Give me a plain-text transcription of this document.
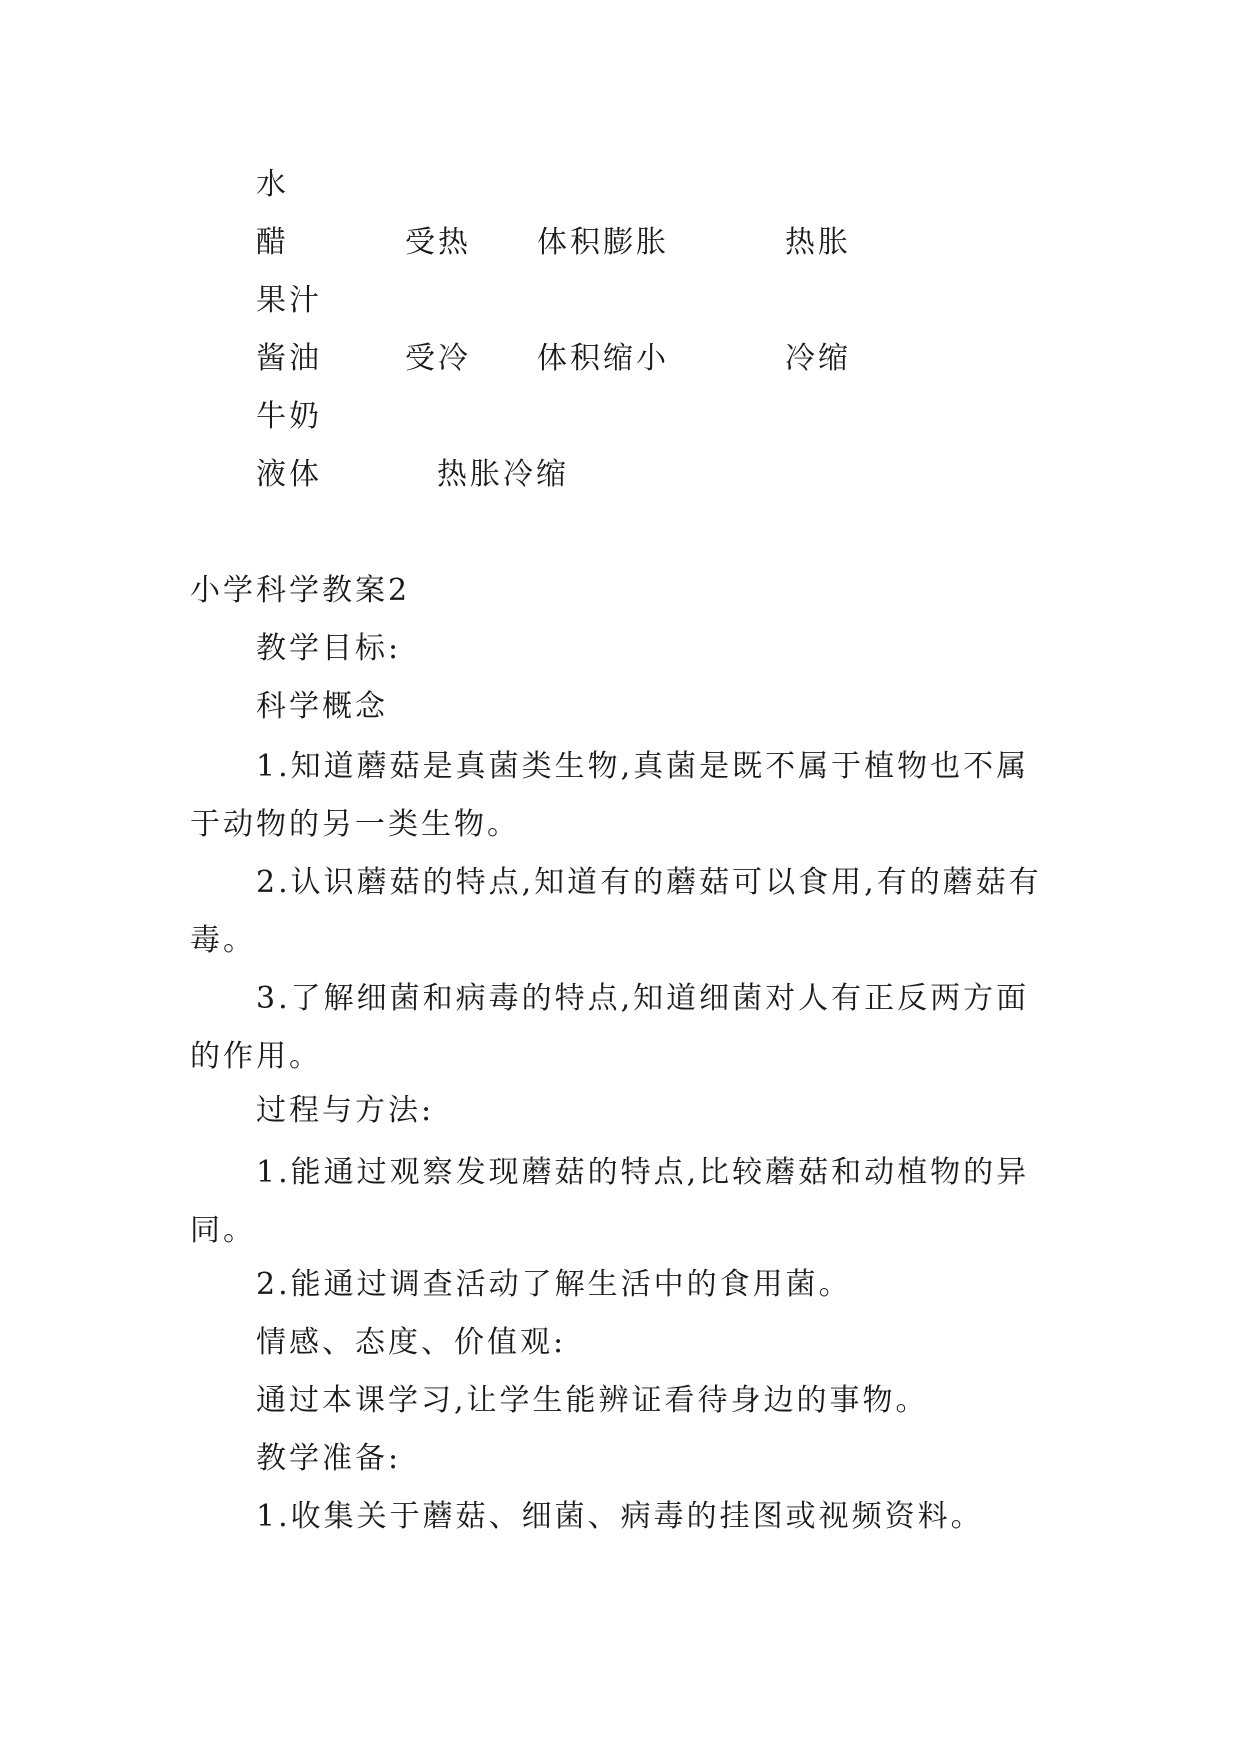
水
醋	受热 体积膨胀	热胀
果汁
酱油	受冷 体积缩小	冷缩
牛奶
液体	热胀冷缩
小学科学教案2
教学目标:
科学概念
1.知道蘑菇是真菌类生物,真菌是既不属于植物也不属于动物的另一类生物。
2.认识蘑菇的特点,知道有的蘑菇可以食用,有的蘑菇有毒。
3.了解细菌和病毒的特点,知道细菌对人有正反两方面的作用。
过程与方法:
1.能通过观察发现蘑菇的特点,比较蘑菇和动植物的异同。
2.能通过调查活动了解生活中的食用菌。
情感、态度、价值观:
通过本课学习,让学生能辨证看待身边的事物。
教学准备:
1.收集关于蘑菇、细菌、病毒的挂图或视频资料。
